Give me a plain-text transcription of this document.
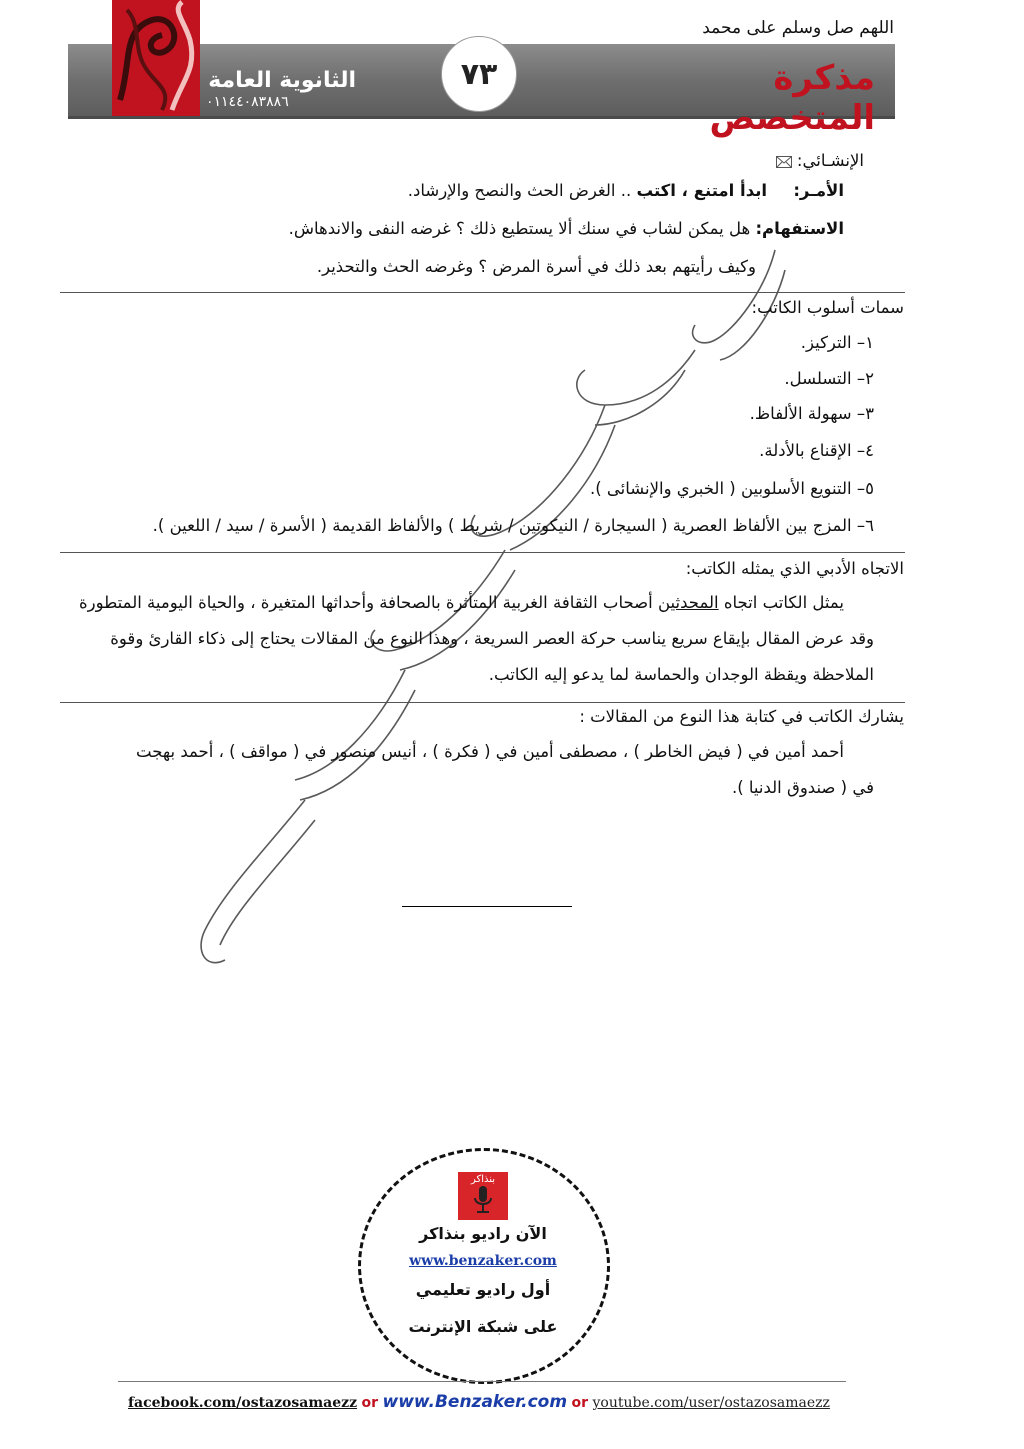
اللهم صل وسلم على محمد
الثانوية العامة
٠١١٤٤٠٨٣٨٨٦
٧٣	مذكرة المتخصص
الإنشـائي:
الأمـر:     ابدأ امتنع ، اكتب .. الغرض الحث والنصح والإرشاد.
الاستفهام: هل يمكن لشاب في سنك ألا يستطيع ذلك ؟ غرضه النفى والاندهاش.
وكيف رأيتهم بعد ذلك في أسرة المرض ؟ وغرضه الحث والتحذير.
سمات أسلوب الكاتب:
١– التركيز.
٢– التسلسل.
٣– سهولة الألفاظ.
٤– الإقناع بالأدلة.
٥– التنويع الأسلوبين ( الخبري والإنشائى ).
٦– المزج بين الألفاظ العصرية ( السيجارة / النيكوتين / شريط ) والألفاظ القديمة ( الأسرة / سيد / اللعين ).
الاتجاه الأدبي الذي يمثله الكاتب:
يمثل الكاتب اتجاه المحدثين أصحاب الثقافة الغربية المتأثرة بالصحافة وأحداثها المتغيرة ، والحياة اليومية المتطورة
وقد عرض المقال بإيقاع سريع يناسب حركة العصر السريعة ، وهذا النوع من المقالات يحتاج إلى ذكاء القارئ وقوة
الملاحظة ويقظة الوجدان والحماسة لما يدعو إليه الكاتب.
يشارك الكاتب في كتابة هذا النوع من المقالات :
أحمد أمين في ( فيض الخاطر ) ، مصطفى أمين في ( فكرة ) ، أنيس منصور في ( مواقف ) ، أحمد بهجت
في ( صندوق الدنيا ).
بنذاكر
الآن راديو بنذاكر
www.benzaker.com
أول راديو تعليمي
على شبكة الإنترنت
facebook.com/ostazosamaezz or www.Benzaker.com or youtube.com/user/ostazosamaezz
